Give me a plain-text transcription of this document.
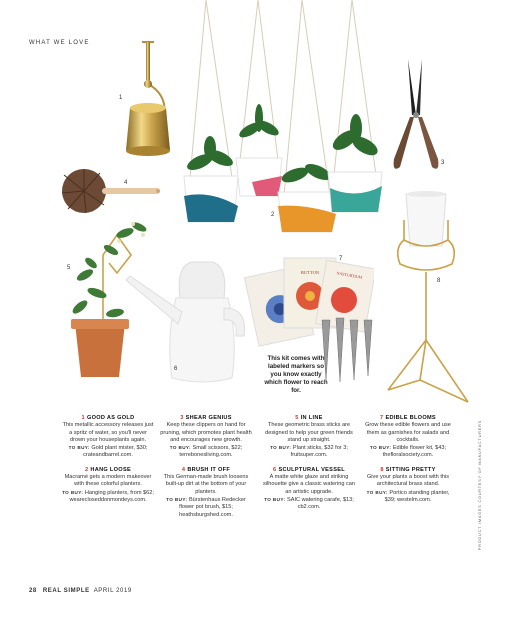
WHAT WE LOVE
1
4
5
6
2
3
8
BUTTON	NASTURTIUM
7
This kit comes with labeled markers so you know exactly which flower to reach for.
1 GOOD AS GOLD
This metallic accessory releases just a spritz of water, so you'll never drown your houseplants again.
TO BUY: Gold plant mister, $30; crateandbarrel.com.
2 HANG LOOSE
Macramé gets a modern makeover with these colorful planters.
TO BUY: Hanging planters, from $62; wearecloseddonmondeys.com.
3 SHEAR GENIUS
Keep these clippers on hand for pruning, which promotes plant health and encourages new growth.
TO BUY: Small scissors, $22; terrebonesliving.com.
4 BRUSH IT OFF
This German-made brush loosens built-up dirt at the bottom of your planters.
TO BUY: Bürstenhaus Redecker flower pot brush, $15; heathsburgshed.com.
5 IN LINE
These geometric brass sticks are designed to help your green friends stand up straight.
TO BUY: Plant sticks, $32 for 3; fruitsuper.com.
6 SCULPTURAL VESSEL
A matte white glaze and striking silhouette give a classic watering can an artistic upgrade.
TO BUY: SAIC watering carafe, $13; cb2.com.
7 EDIBLE BLOOMS
Grow these edible flowers and use them as garnishes for salads and cocktails.
TO BUY: Edible flower kit, $43; thefloralsociety.com.
8 SITTING PRETTY
Give your plants a boost with this architectural brass stand.
TO BUY: Portico standing planter, $39; westelm.com.	PRODUCT IMAGES COURTESY OF MANUFACTURERS
28 REAL SIMPLE APRIL 2019
